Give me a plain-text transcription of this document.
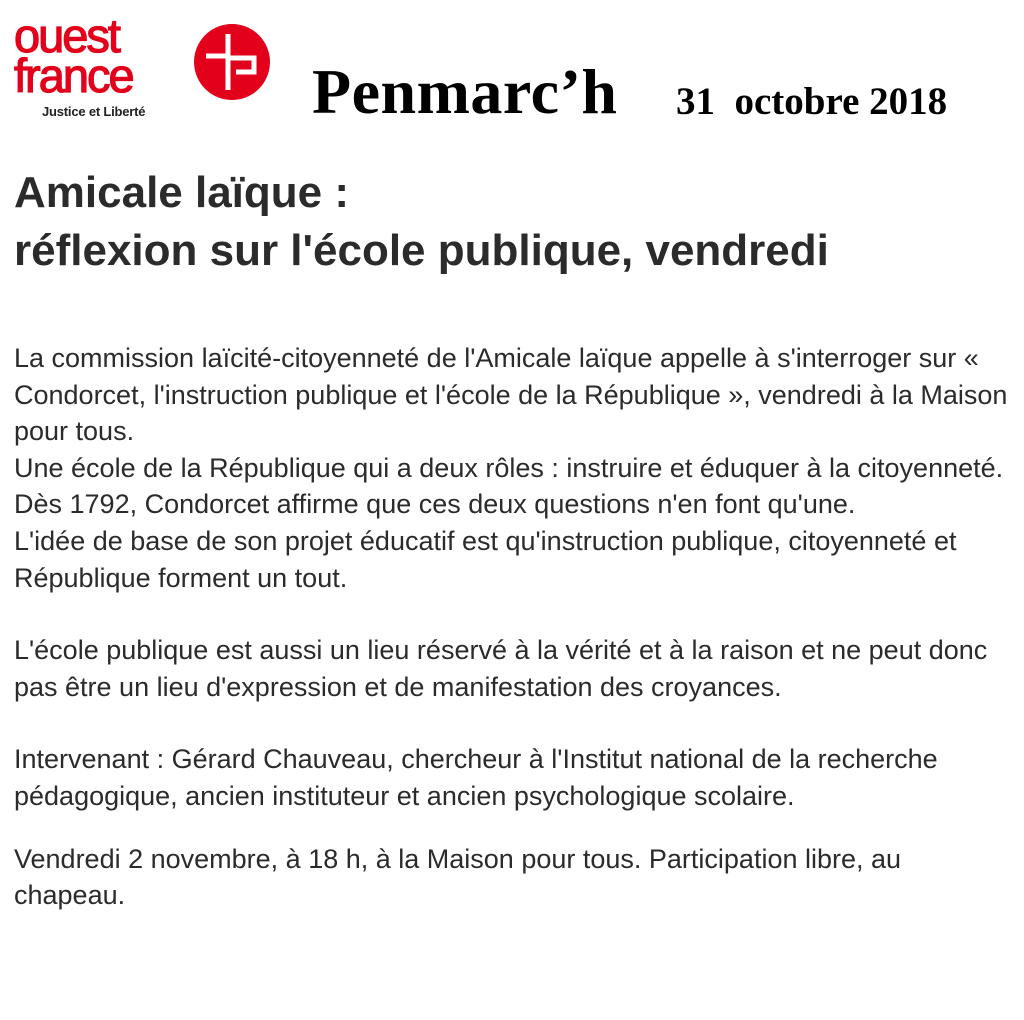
ouest
france
Justice et Liberté	Penmarc’h 31  octobre 2018
Amicale laïque :
réflexion sur l'école publique, vendredi

La commission laïcité-citoyenneté de l'Amicale laïque appelle à s'interroger sur « Condorcet, l'instruction publique et l'école de la République », vendredi à la Maison pour tous.

Une école de la République qui a deux rôles : instruire et éduquer à la citoyenneté. Dès 1792, Condorcet affirme que ces deux questions n'en font qu'une.

L'idée de base de son projet éducatif est qu'instruction publique, citoyenneté et République forment un tout.

L'école publique est aussi un lieu réservé à la vérité et à la raison et ne peut donc pas être un lieu d'expression et de manifestation des croyances.

Intervenant : Gérard Chauveau, chercheur à l'Institut national de la recherche pédagogique, ancien instituteur et ancien psychologique scolaire.

Vendredi 2 novembre, à 18 h, à la Maison pour tous. Participation libre, au chapeau.
